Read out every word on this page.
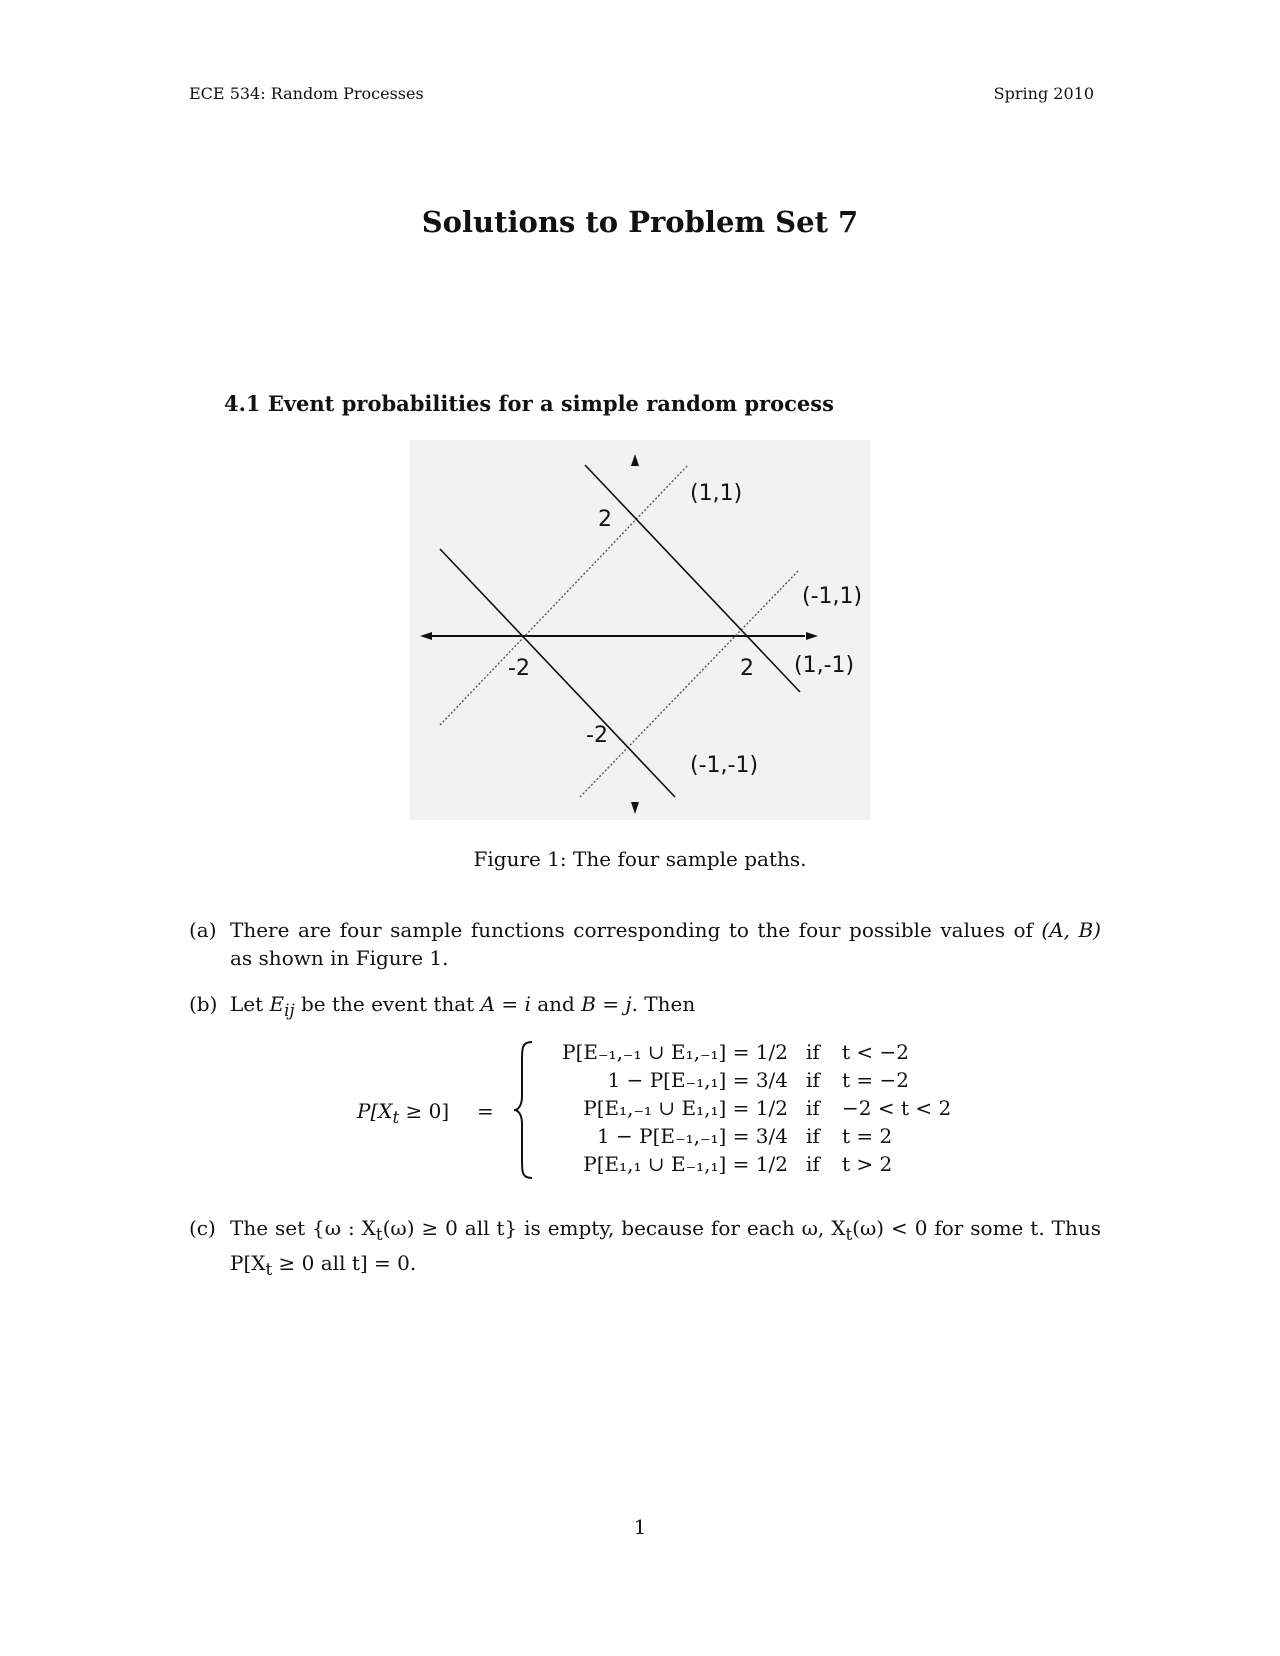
ECE 534: Random Processes	Spring 2010
Solutions to Problem Set 7
4.1 Event probabilities for a simple random process
2
-2
-2	2
(1,1)
(-1,1)
(1,-1)
(-1,-1)
Figure 1: The four sample paths.
(a) There are four sample functions corresponding to the four possible values of (A, B) as shown in Figure 1.
(b) Let $E_{ij}$ be the event that A = i and B = j. Then
$P[X_t \ge 0]$ =
P[E₋₁,₋₁ ∪ E₁,₋₁] = 1/2 if t < −2
1 − P[E₋₁,₁] = 3/4 if t = −2
P[E₁,₋₁ ∪ E₁,₁] = 1/2 if −2 < t < 2
1 − P[E₋₁,₋₁] = 3/4 if t = 2
P[E₁,₁ ∪ E₋₁,₁] = 1/2 if t > 2
(c) The set {ω : $X_t(\omega) \ge 0$ all t} is empty, because for each ω, $X_t(\omega) < 0$ for some t. Thus $P[X_t \ge 0$ all t] = 0.
1
